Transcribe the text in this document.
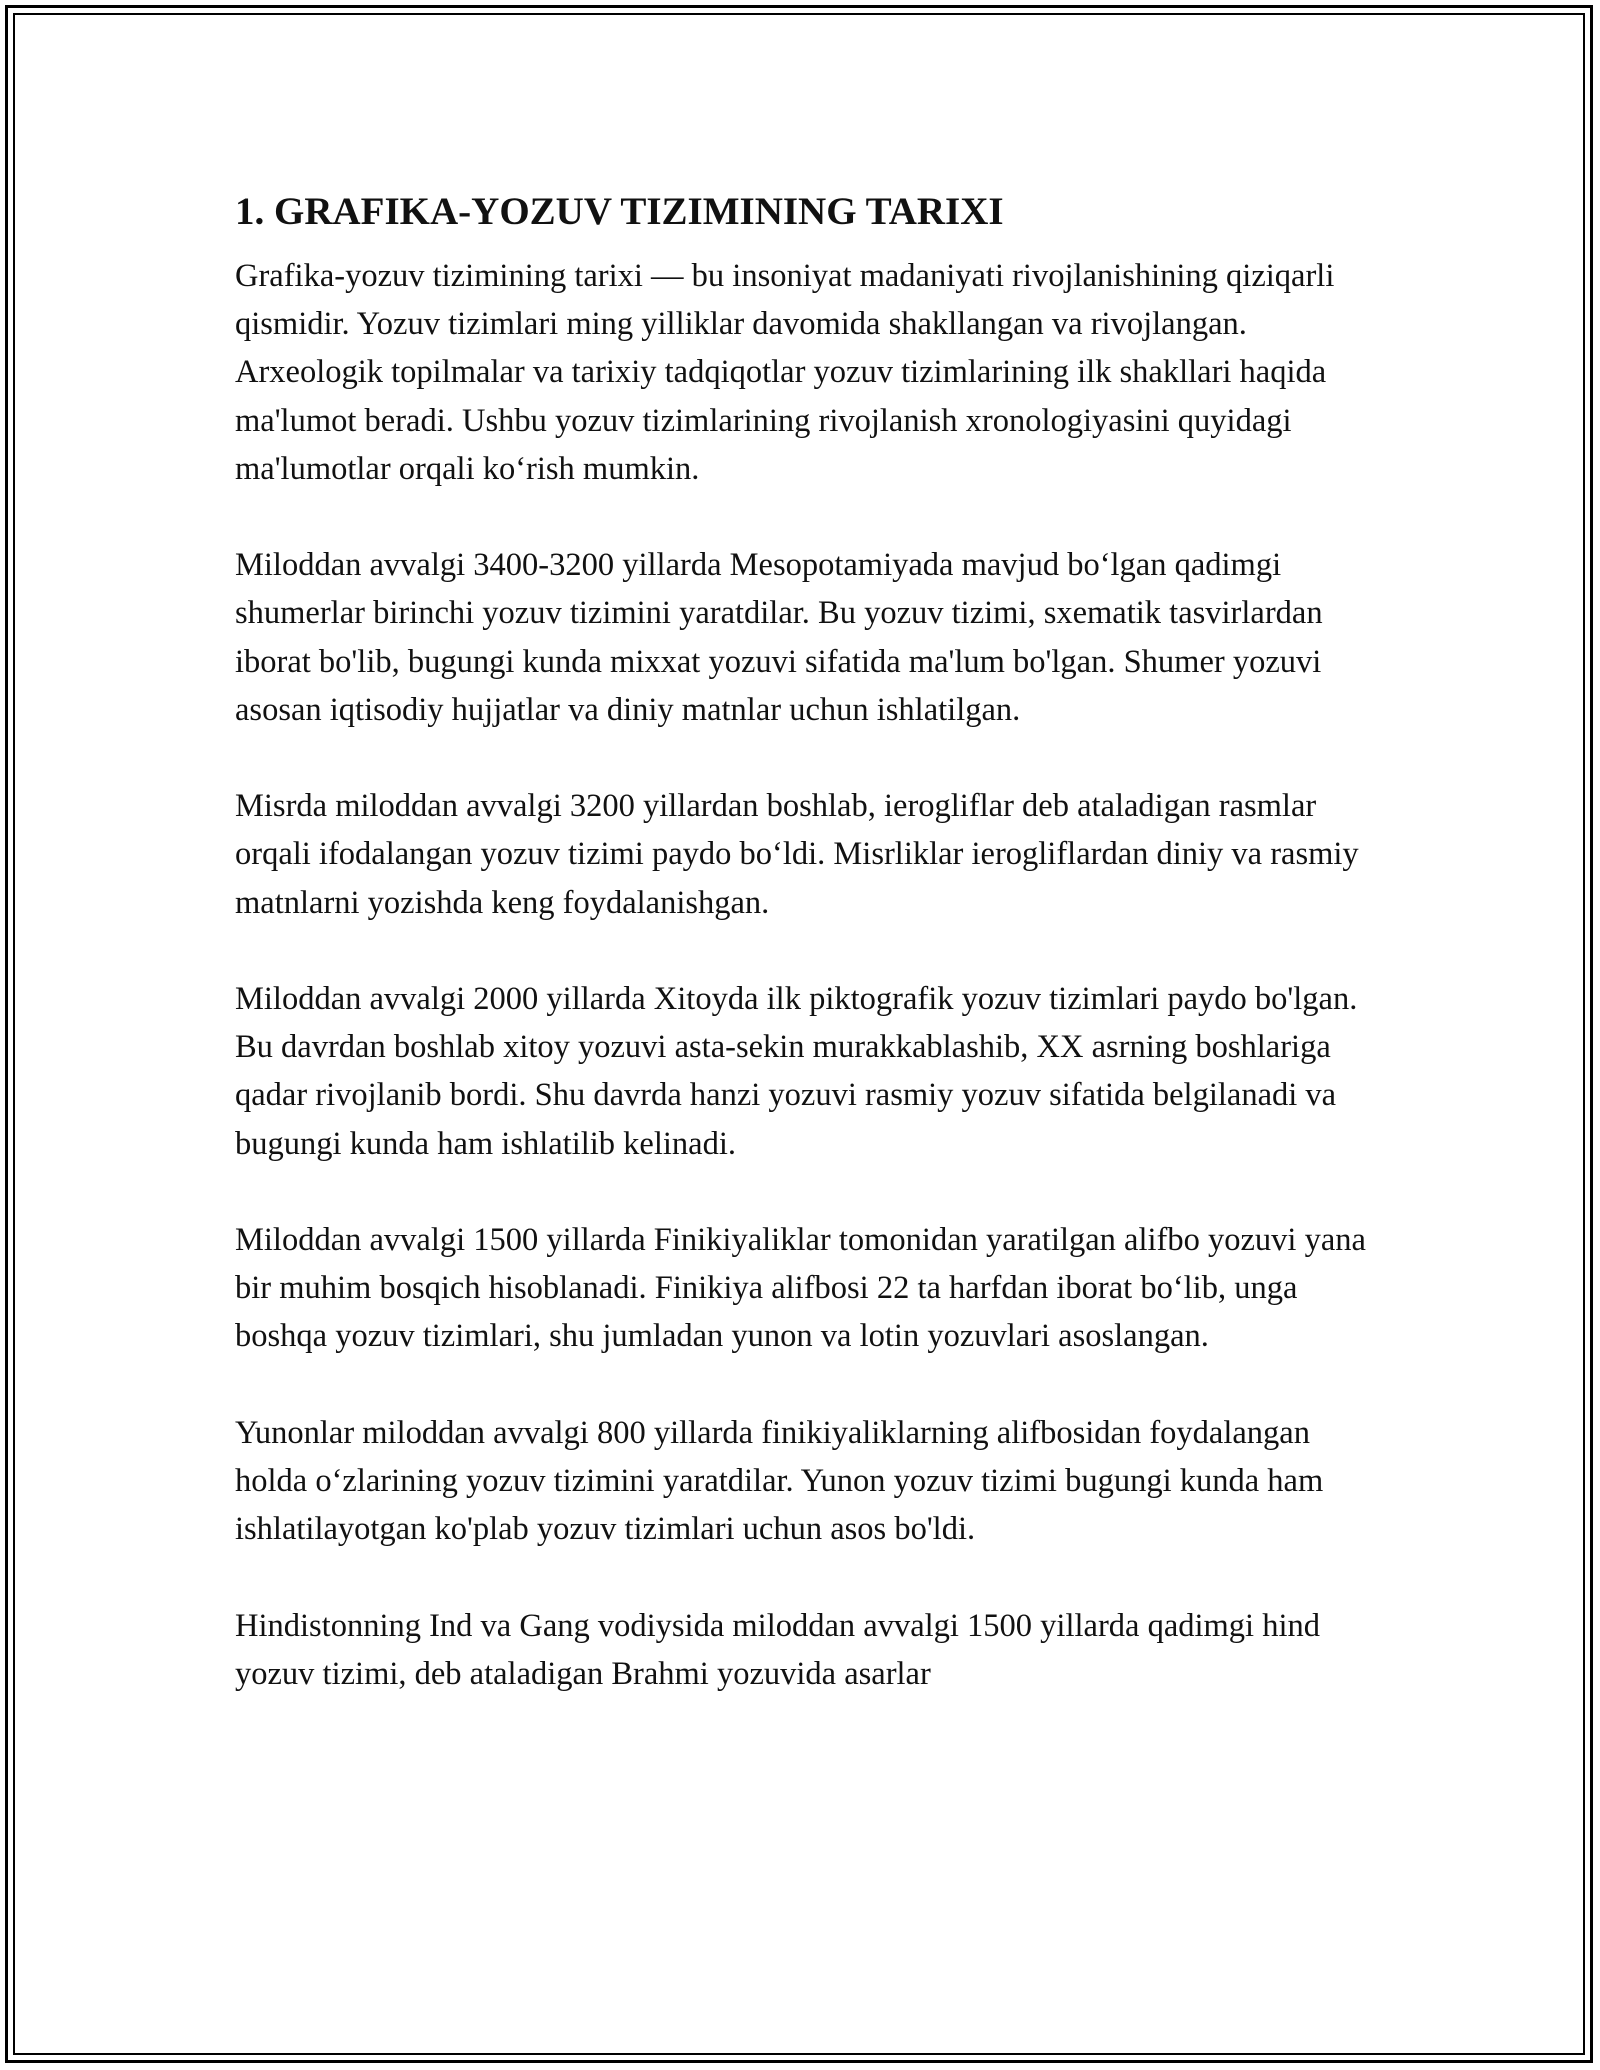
1. GRAFIKA-YOZUV TIZIMINING TARIXI

Grafika-yozuv tizimining tarixi — bu insoniyat madaniyati rivojlanishining qiziqarli qismidir. Yozuv tizimlari ming yilliklar davomida shakllangan va rivojlangan. Arxeologik topilmalar va tarixiy tadqiqotlar yozuv tizimlarining ilk shakllari haqida ma'lumot beradi. Ushbu yozuv tizimlarining rivojlanish xronologiyasini quyidagi ma'lumotlar orqali koʻrish mumkin.

Miloddan avvalgi 3400-3200 yillarda Mesopotamiyada mavjud boʻlgan qadimgi shumerlar birinchi yozuv tizimini yaratdilar. Bu yozuv tizimi, sxematik tasvirlardan iborat bo'lib, bugungi kunda mixxat yozuvi sifatida ma'lum bo'lgan. Shumer yozuvi asosan iqtisodiy hujjatlar va diniy matnlar uchun ishlatilgan.

Misrda miloddan avvalgi 3200 yillardan boshlab, ierogliflar deb ataladigan rasmlar orqali ifodalangan yozuv tizimi paydo boʻldi. Misrliklar ierogliflardan diniy va rasmiy matnlarni yozishda keng foydalanishgan.

Miloddan avvalgi 2000 yillarda Xitoyda ilk piktografik yozuv tizimlari paydo bo'lgan. Bu davrdan boshlab xitoy yozuvi asta-sekin murakkablashib, XX asrning boshlariga qadar rivojlanib bordi. Shu davrda hanzi yozuvi rasmiy yozuv sifatida belgilanadi va bugungi kunda ham ishlatilib kelinadi.

Miloddan avvalgi 1500 yillarda Finikiyaliklar tomonidan yaratilgan alifbo yozuvi yana bir muhim bosqich hisoblanadi. Finikiya alifbosi 22 ta harfdan iborat boʻlib, unga boshqa yozuv tizimlari, shu jumladan yunon va lotin yozuvlari asoslangan.

Yunonlar miloddan avvalgi 800 yillarda finikiyaliklarning alifbosidan foydalangan holda oʻzlarining yozuv tizimini yaratdilar. Yunon yozuv tizimi bugungi kunda ham ishlatilayotgan ko'plab yozuv tizimlari uchun asos bo'ldi.

Hindistonning Ind va Gang vodiysida miloddan avvalgi 1500 yillarda qadimgi hind yozuv tizimi, deb ataladigan Brahmi yozuvida asarlar
